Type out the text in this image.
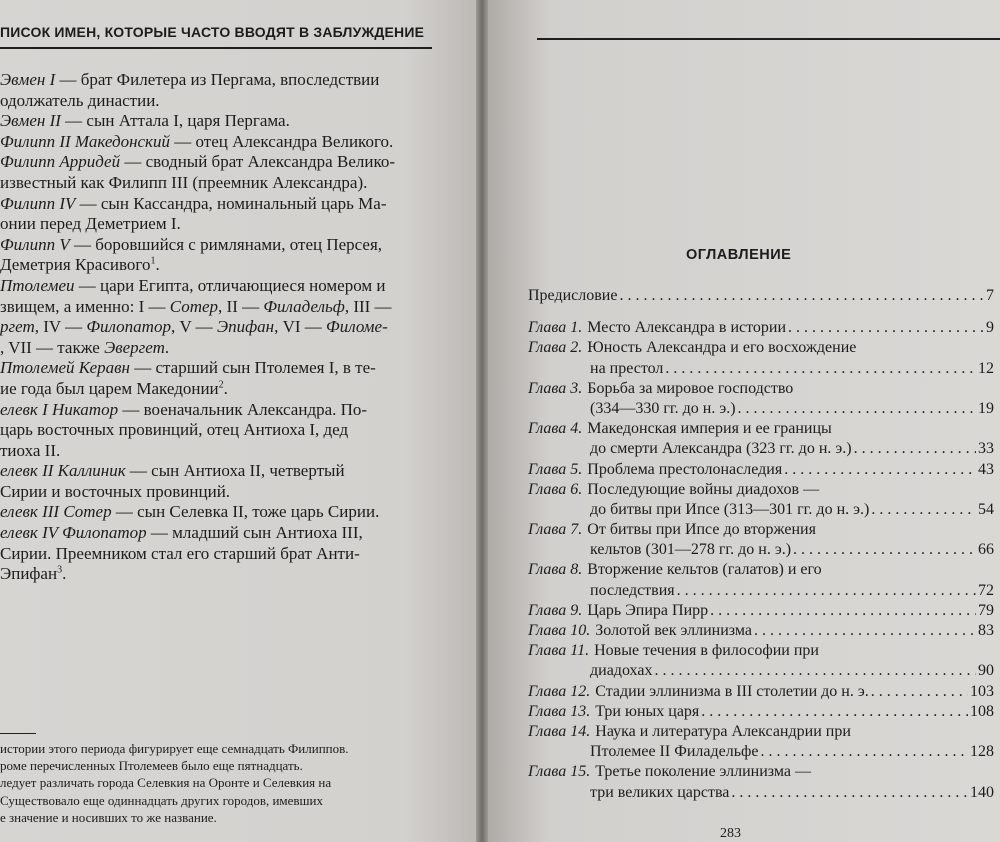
ПИСОК ИМЕН, КОТОРЫЕ ЧАСТО ВВОДЯТ В ЗАБЛУЖДЕНИЕ
Эвмен I — брат Филетера из Пергама, впоследствии
одолжатель династии.
Эвмен II — сын Аттала I, царя Пергама.
Филипп II Македонский — отец Александра Великого.
Филипп Арридей — сводный брат Александра Велико-
известный как Филипп III (преемник Александра).
Филипп IV — сын Кассандра, номинальный царь Ма-
онии перед Деметрием I.
Филипп V — боровшийся с римлянами, отец Персея,
Деметрия Красивого$^1$.
Птолемеи — цари Египта, отличающиеся номером и
звищем, а именно: I — Сотер, II — Филадельф, III —
ргет, IV — Филопатор, V — Эпифан, VI — Филоме-
, VII — также Эвергет.
Птолемей Керавн — старший сын Птолемея I, в те-
ие года был царем Македонии$^2$.
елевк I Никатор — военачальник Александра. По-
царь восточных провинций, отец Антиоха I, дед
тиоха II.
елевк II Каллиник — сын Антиоха II, четвертый
Сирии и восточных провинций.
елевк III Сотер — сын Селевка II, тоже царь Сирии.
елевк IV Филопатор — младший сын Антиоха III,
Сирии. Преемником стал его старший брат Анти-
Эпифан$^3$.
истории этого периода фигурирует еще семнадцать Филиппов.
роме перечисленных Птолемеев было еще пятнадцать.
ледует различать города Селевкия на Оронте и Селевкия на
Существовало еще одиннадцать других городов, имевших
е значение и носивших то же название.
ОГЛАВЛЕНИЕ
Предисловие . . .	7
Глава 1. Место Александра в истории . . .	9
Глава 2. Юность Александра и его восхождение
на престол . . .	12
Глава 3. Борьба за мировое господство
(334—330 гг. до н. э.) . . .	19
Глава 4. Македонская империя и ее границы
до смерти Александра (323 гг. до н. э.) . . .	33
Глава 5. Проблема престолонаследия . . .	43
Глава 6. Последующие войны диадохов —
до битвы при Ипсе (313—301 гг. до н. э.) . . .	54
Глава 7. От битвы при Ипсе до вторжения
кельтов (301—278 гг. до н. э.) . . .	66
Глава 8. Вторжение кельтов (галатов) и его
последствия . . .	72
Глава 9. Царь Эпира Пирр . . .	79
Глава 10. Золотой век эллинизма . . .	83
Глава 11. Новые течения в философии при
диадохах . . .	90
Глава 12. Стадии эллинизма в III столетии до н. э. . . .	103
Глава 13. Три юных царя . . .	108
Глава 14. Наука и литература Александрии при
Птолемее II Филадельфе . . .	128
Глава 15. Третье поколение эллинизма —
три великих царства . . .	140
283
